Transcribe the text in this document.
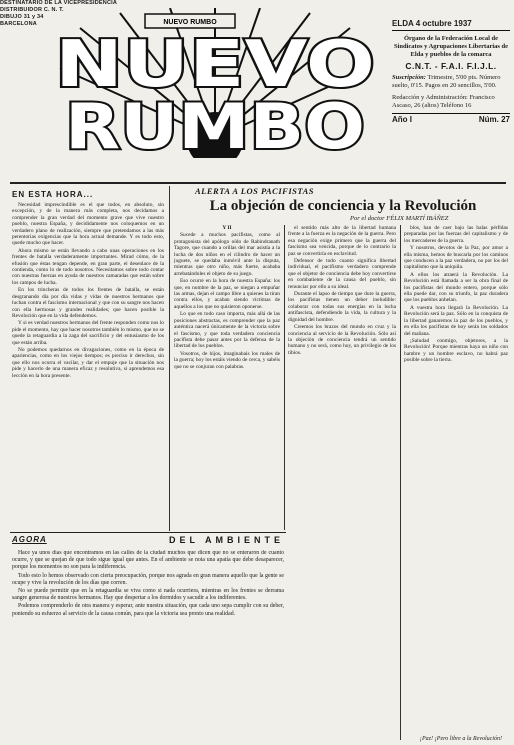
DESTINATARIO DE LA VICEPRESIDENCIA
DISTRIBUIDOR C. N. T.
DIBUJO 31 y 34
BARCELONA	NUEVO RUMBO
NUEVO
RUMBO
ELDA 4 octubre 1937
Órgano de la Federación Local de Sindicatos y Agrupaciones Libertarias de Elda y pueblos de la comarca
C.N.T. - F.A.I. F.I.J.L.
Suscripción: Trimestre, 5'00 pts. Número suelto, 0'15. Pagos en 20 sencillos, 5'00.
Redacción y Administración: Francisco Ascaso, 26 (altos) Teléfono 16
Año I	Núm. 27
EN ESTA HORA...	ALERTA A LOS PACIFISTAS
La objeción de conciencia y la Revolución
Por el doctor FÉLIX MARTÍ IBÁÑEZ

Necesidad imprescindible es el que todos, en absoluto, sin excepción, y de la manera más completa, nos decidamos a comprender la gran verdad del momento grave que vive nuestro pueblo, nuestra España, y decididamente nos coloquemos en un verdadero plano de realización, siempre que pretendamos a las más perentorias exigencias que la hora actual demande. Y es todo esto, quede mucho que hacer.

Ahora mismo se están llevando a cabo unas operaciones en los frentes de batalla verdaderamente importantes. Mirad cómo, de la efusión que éstas tengan depende, en gran parte, el desenlace de la contienda, como lo de todo nosotros. Necesitamos sobre todo contar con nuestras fuerzas en ayuda de nuestros camaradas que están sobre los campos de lucha.

En los trincheras de todos los frentes de batalla, se están desgranando día por día vidas y vidas de nuestros hermanos que luchan contra el fascismo internacional y que con su sangre nos hacen con ella hermosas y grandes realidades; que hacen posible la Revolución que en la vida defendemos.

Y si es verdad nuestros hermanos del frente responden como nos lo pide el momento, hay que hacer nosotros también lo mismo, que no se quede la retaguardia a la zaga del sacrificio y del entusiasmo de los que están arriba.

No podemos quedarnos en divagaciones, como en la época de apariencias, como en los viejos tiempos; es preciso ir derechos, sin que ello nos ocurra el vacilar, y dar el empuje que la situación nos pide y hacerlo de una manera eficaz y resolutiva, si aprendemos esa lección en la hora presente.

Y II

Sucede a muchos pacifistas, como al protagonista del apólogo oído de Rabindranath Tagore, que cuando a orillas del mar asistía a la lucha de dos niños en el cilindro de hacer un juguete, se quedaba inmóvil ante la disputa, mientras que otro niño, más fuerte, acababa arrebatándoles el objeto de su juego.

Eso ocurre en la hora de nuestra España: los que, en nombre de la paz, se niegan a empuñar las armas, dejan el campo libre a quienes la tiran contra ellos, y acaban siendo víctimas de aquellos a los que no quisieron oponerse.

Lo que en todo caso importa, más allá de las posiciones abstractas, es comprender que la paz auténtica nacerá únicamente de la victoria sobre el fascismo, y que toda verdadera conciencia pacifista debe pasar antes por la defensa de la libertad de los pueblos.

Vosotros, de hijos, imaginabais los males de la guerra; hoy los estáis viendo de cerca, y sabéis que no se conjuran con palabras.

el sentido más alto de la libertad humana frente a la fuerza es la negación de la guerra. Pero esa negación exige primero que la guerra del fascismo sea vencida, porque de lo contrario la paz se convertiría en esclavitud.

Defensor de todo cuanto significa libertad individual, el pacifismo verdadero comprende que el objetor de conciencia debe hoy convertirse en combatiente de la causa del pueblo, sin renunciar por ello a su ideal.

Durante el lapso de tiempo que dure la guerra, los pacifistas tienen un deber ineludible: colaborar con todas sus energías en la lucha antifascista, defendiendo la vida, la cultura y la dignidad del hombre.

Creemos los brazos del mundo en cruz y la conciencia al servicio de la Revolución. Sólo así la objeción de conciencia tendrá un sentido humano y no será, como hoy, un privilegio de los tibios.

blos, han de caer bajo las balas pérfidas preparadas por las fuerzas del capitalismo y de los mercaderes de la guerra.

Y nosotros, devotos de la Paz, por amor a ella misma, hemos de buscarla por los caminos que conducen a la paz verdadera, no por los del capitalismo que la aniquila.

A ellos los atraerá la Revolución. La Revolución está llamada a ser la obra final de los pacifistas del mundo entero, porque sólo ella puede dar, con su triunfo, la paz duradera que los pueblos anhelan.

A vuestra hora llegará la Revolución. La Revolución será la paz. Sólo en la conquista de la libertad ganaremos la paz de los pueblos, y en ella los pacifistas de hoy serán los soldados del mañana.

¡Saludad conmigo, objetores, a la Revolución! Porque mientras haya un niño con hambre y un hombre esclavo, no habrá paz posible sobre la tierra.

¡Paz! ¡Pero libre a la Revolución!
AGORA	DEL AMBIENTE

Hace ya unos días que encontramos en las calles de la ciudad muchos que dicen que no se enteraron de cuanto ocurre, y que se quejan de que todo sigue igual que antes. En el ambiente se nota una apatía que debe desaparecer, porque los momentos no son para la indiferencia.

Todo esto lo hemos observado con cierta preocupación, porque nos agrada en gran manera aquello que la gente se ocupe y vive la revolución de los días que corren.

No se puede permitir que en la retaguardia se viva como si nada ocurriera, mientras en los frentes se derrama sangre generosa de nuestros hermanos. Hay que despertar a los dormidos y sacudir a los indiferentes.

Podemos comprenderlo de otra manera y esperar, ante nuestra situación, que cada uno sepa cumplir con su deber, poniendo su esfuerzo al servicio de la causa común, para que la victoria sea pronto una realidad.
